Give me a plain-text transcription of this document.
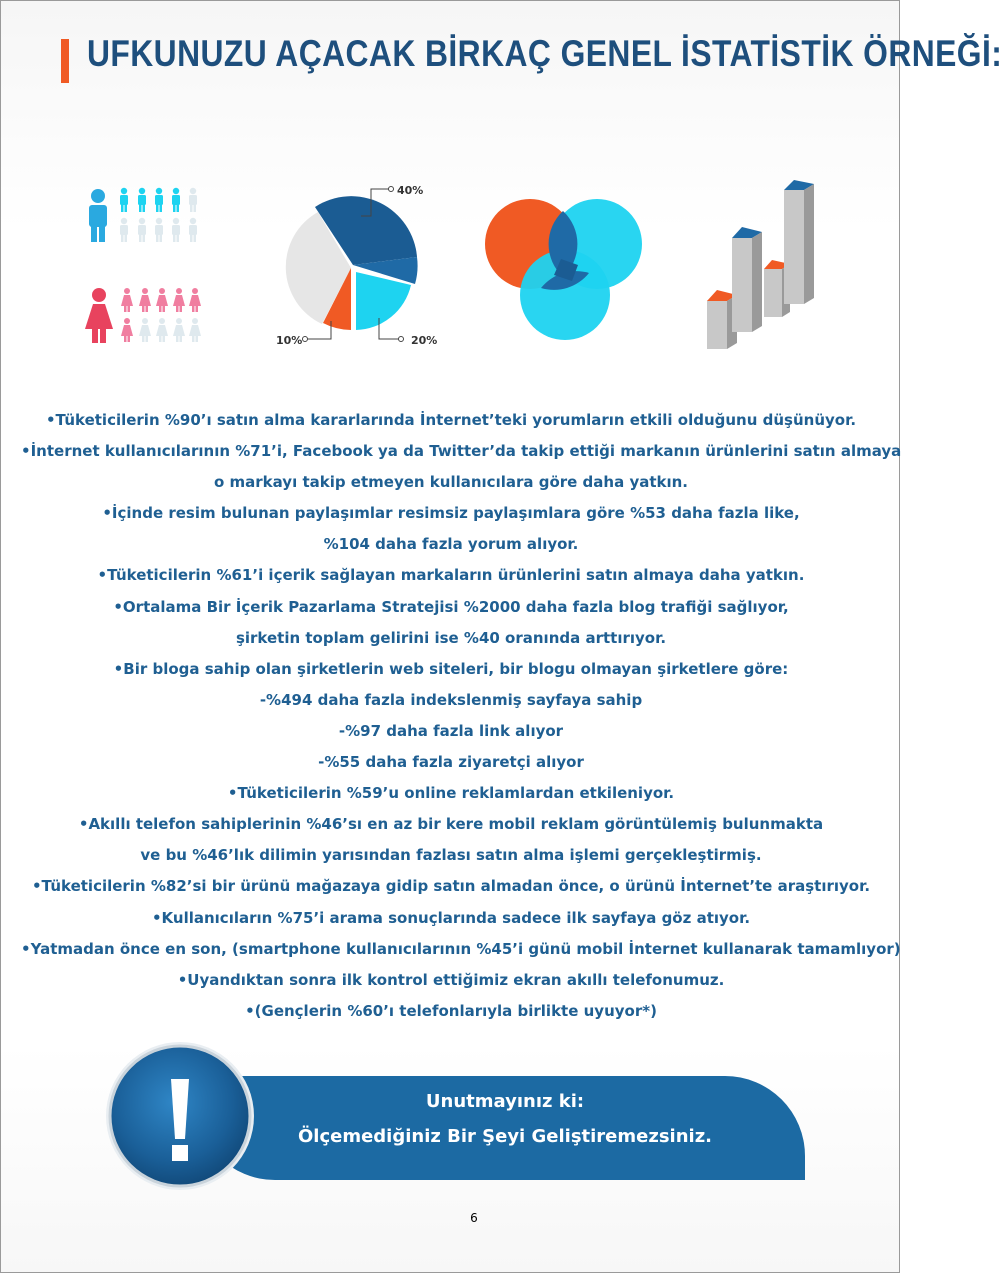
UFKUNUZU AÇACAK BİRKAÇ GENEL İSTATİSTİK ÖRNEĞİ:
40%
20%
10%
•Tüketicilerin %90’ı satın alma kararlarında İnternet’teki yorumların etkili olduğunu düşünüyor.
•İnternet kullanıcılarının %71’i, Facebook ya da Twitter’da takip ettiği markanın ürünlerini satın almaya
o markayı takip etmeyen kullanıcılara göre daha yatkın.
•İçinde resim bulunan paylaşımlar resimsiz paylaşımlara göre %53 daha fazla like,
%104 daha fazla yorum alıyor.
•Tüketicilerin %61’i içerik sağlayan markaların ürünlerini satın almaya daha yatkın.
•Ortalama Bir İçerik Pazarlama Stratejisi %2000 daha fazla blog trafiği sağlıyor,
şirketin toplam gelirini ise %40 oranında arttırıyor.
•Bir bloga sahip olan şirketlerin web siteleri, bir blogu olmayan şirketlere göre:
-%494 daha fazla indekslenmiş sayfaya sahip
-%97 daha fazla link alıyor
-%55 daha fazla ziyaretçi alıyor
•Tüketicilerin %59’u online reklamlardan etkileniyor.
•Akıllı telefon sahiplerinin %46’sı en az bir kere mobil reklam görüntülemiş bulunmakta
ve bu %46’lık dilimin yarısından fazlası satın alma işlemi gerçekleştirmiş.
•Tüketicilerin %82’si bir ürünü mağazaya gidip satın almadan önce, o ürünü İnternet’te araştırıyor.
•Kullanıcıların %75’i arama sonuçlarında sadece ilk sayfaya göz atıyor.
•Yatmadan önce en son, (smartphone kullanıcılarının %45’i günü mobil İnternet kullanarak tamamlıyor)
•Uyandıktan sonra ilk kontrol ettiğimiz ekran akıllı telefonumuz.
•(Gençlerin %60’ı telefonlarıyla birlikte uyuyor*)
Unutmayınız ki:
Ölçemediğiniz Bir Şeyi Geliştiremezsiniz.
6
